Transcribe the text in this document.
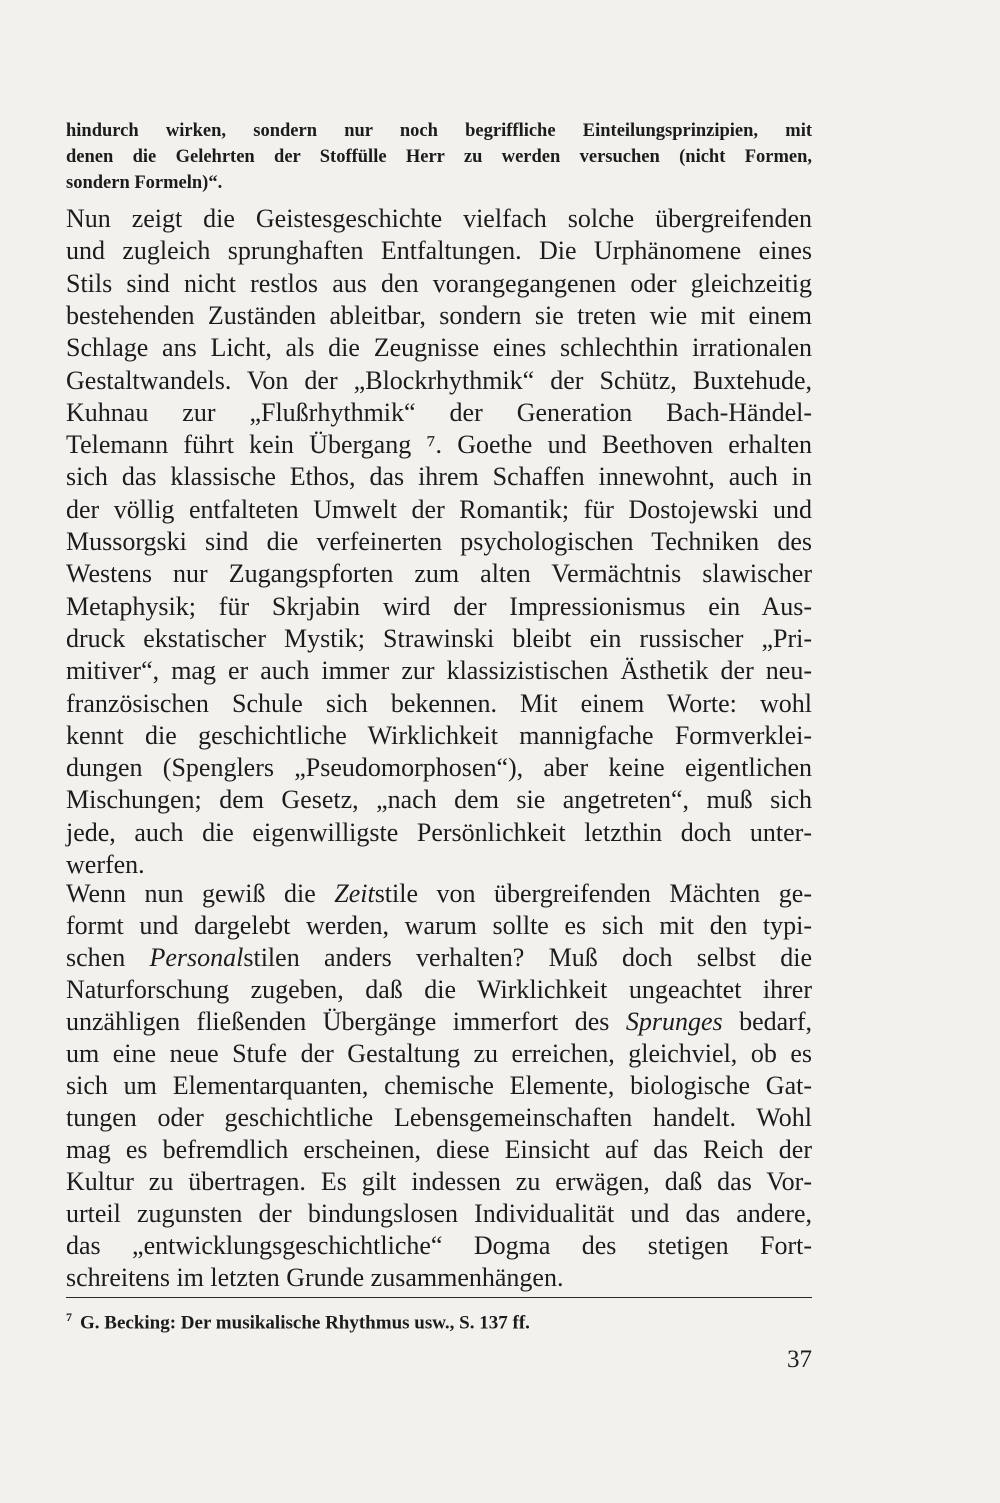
hindurch wirken, sondern nur noch begriffliche Einteilungsprinzipien, mit
denen die Gelehrten der Stoffülle Herr zu werden versuchen (nicht Formen,
sondern Formeln)“.
Nun zeigt die Geistesgeschichte vielfach solche übergreifenden
und zugleich sprunghaften Entfaltungen. Die Urphänomene eines
Stils sind nicht restlos aus den vorangegangenen oder gleichzeitig
bestehenden Zuständen ableitbar, sondern sie treten wie mit einem
Schlage ans Licht, als die Zeugnisse eines schlechthin irrationalen
Gestaltwandels. Von der „Blockrhythmik“ der Schütz, Buxtehude,
Kuhnau zur „Flußrhythmik“ der Generation Bach‑Händel‑
Telemann führt kein Übergang ⁷. Goethe und Beethoven erhalten
sich das klassische Ethos, das ihrem Schaffen innewohnt, auch in
der völlig entfalteten Umwelt der Romantik; für Dostojewski und
Mussorgski sind die verfeinerten psychologischen Techniken des
Westens nur Zugangspforten zum alten Vermächtnis slawischer
Metaphysik; für Skrjabin wird der Impressionismus ein Aus‑
druck ekstatischer Mystik; Strawinski bleibt ein russischer „Pri‑
mitiver“, mag er auch immer zur klassizistischen Ästhetik der neu‑
französischen Schule sich bekennen. Mit einem Worte: wohl
kennt die geschichtliche Wirklichkeit mannigfache Formverklei‑
dungen (Spenglers „Pseudomorphosen“), aber keine eigentlichen
Mischungen; dem Gesetz, „nach dem sie angetreten“, muß sich
jede, auch die eigenwilligste Persönlichkeit letzthin doch unter‑
werfen.
Wenn nun gewiß die Zeitstile von übergreifenden Mächten ge‑
formt und dargelebt werden, warum sollte es sich mit den typi‑
schen Personalstilen anders verhalten? Muß doch selbst die
Naturforschung zugeben, daß die Wirklichkeit ungeachtet ihrer
unzähligen fließenden Übergänge immerfort des Sprunges bedarf,
um eine neue Stufe der Gestaltung zu erreichen, gleichviel, ob es
sich um Elementarquanten, chemische Elemente, biologische Gat‑
tungen oder geschichtliche Lebensgemeinschaften handelt. Wohl
mag es befremdlich erscheinen, diese Einsicht auf das Reich der
Kultur zu übertragen. Es gilt indessen zu erwägen, daß das Vor‑
urteil zugunsten der bindungslosen Individualität und das andere,
das „entwicklungsgeschichtliche“ Dogma des stetigen Fort‑
schreitens im letzten Grunde zusammenhängen.
$^7$ G. Becking: Der musikalische Rhythmus usw., S. 137 ff.
37
